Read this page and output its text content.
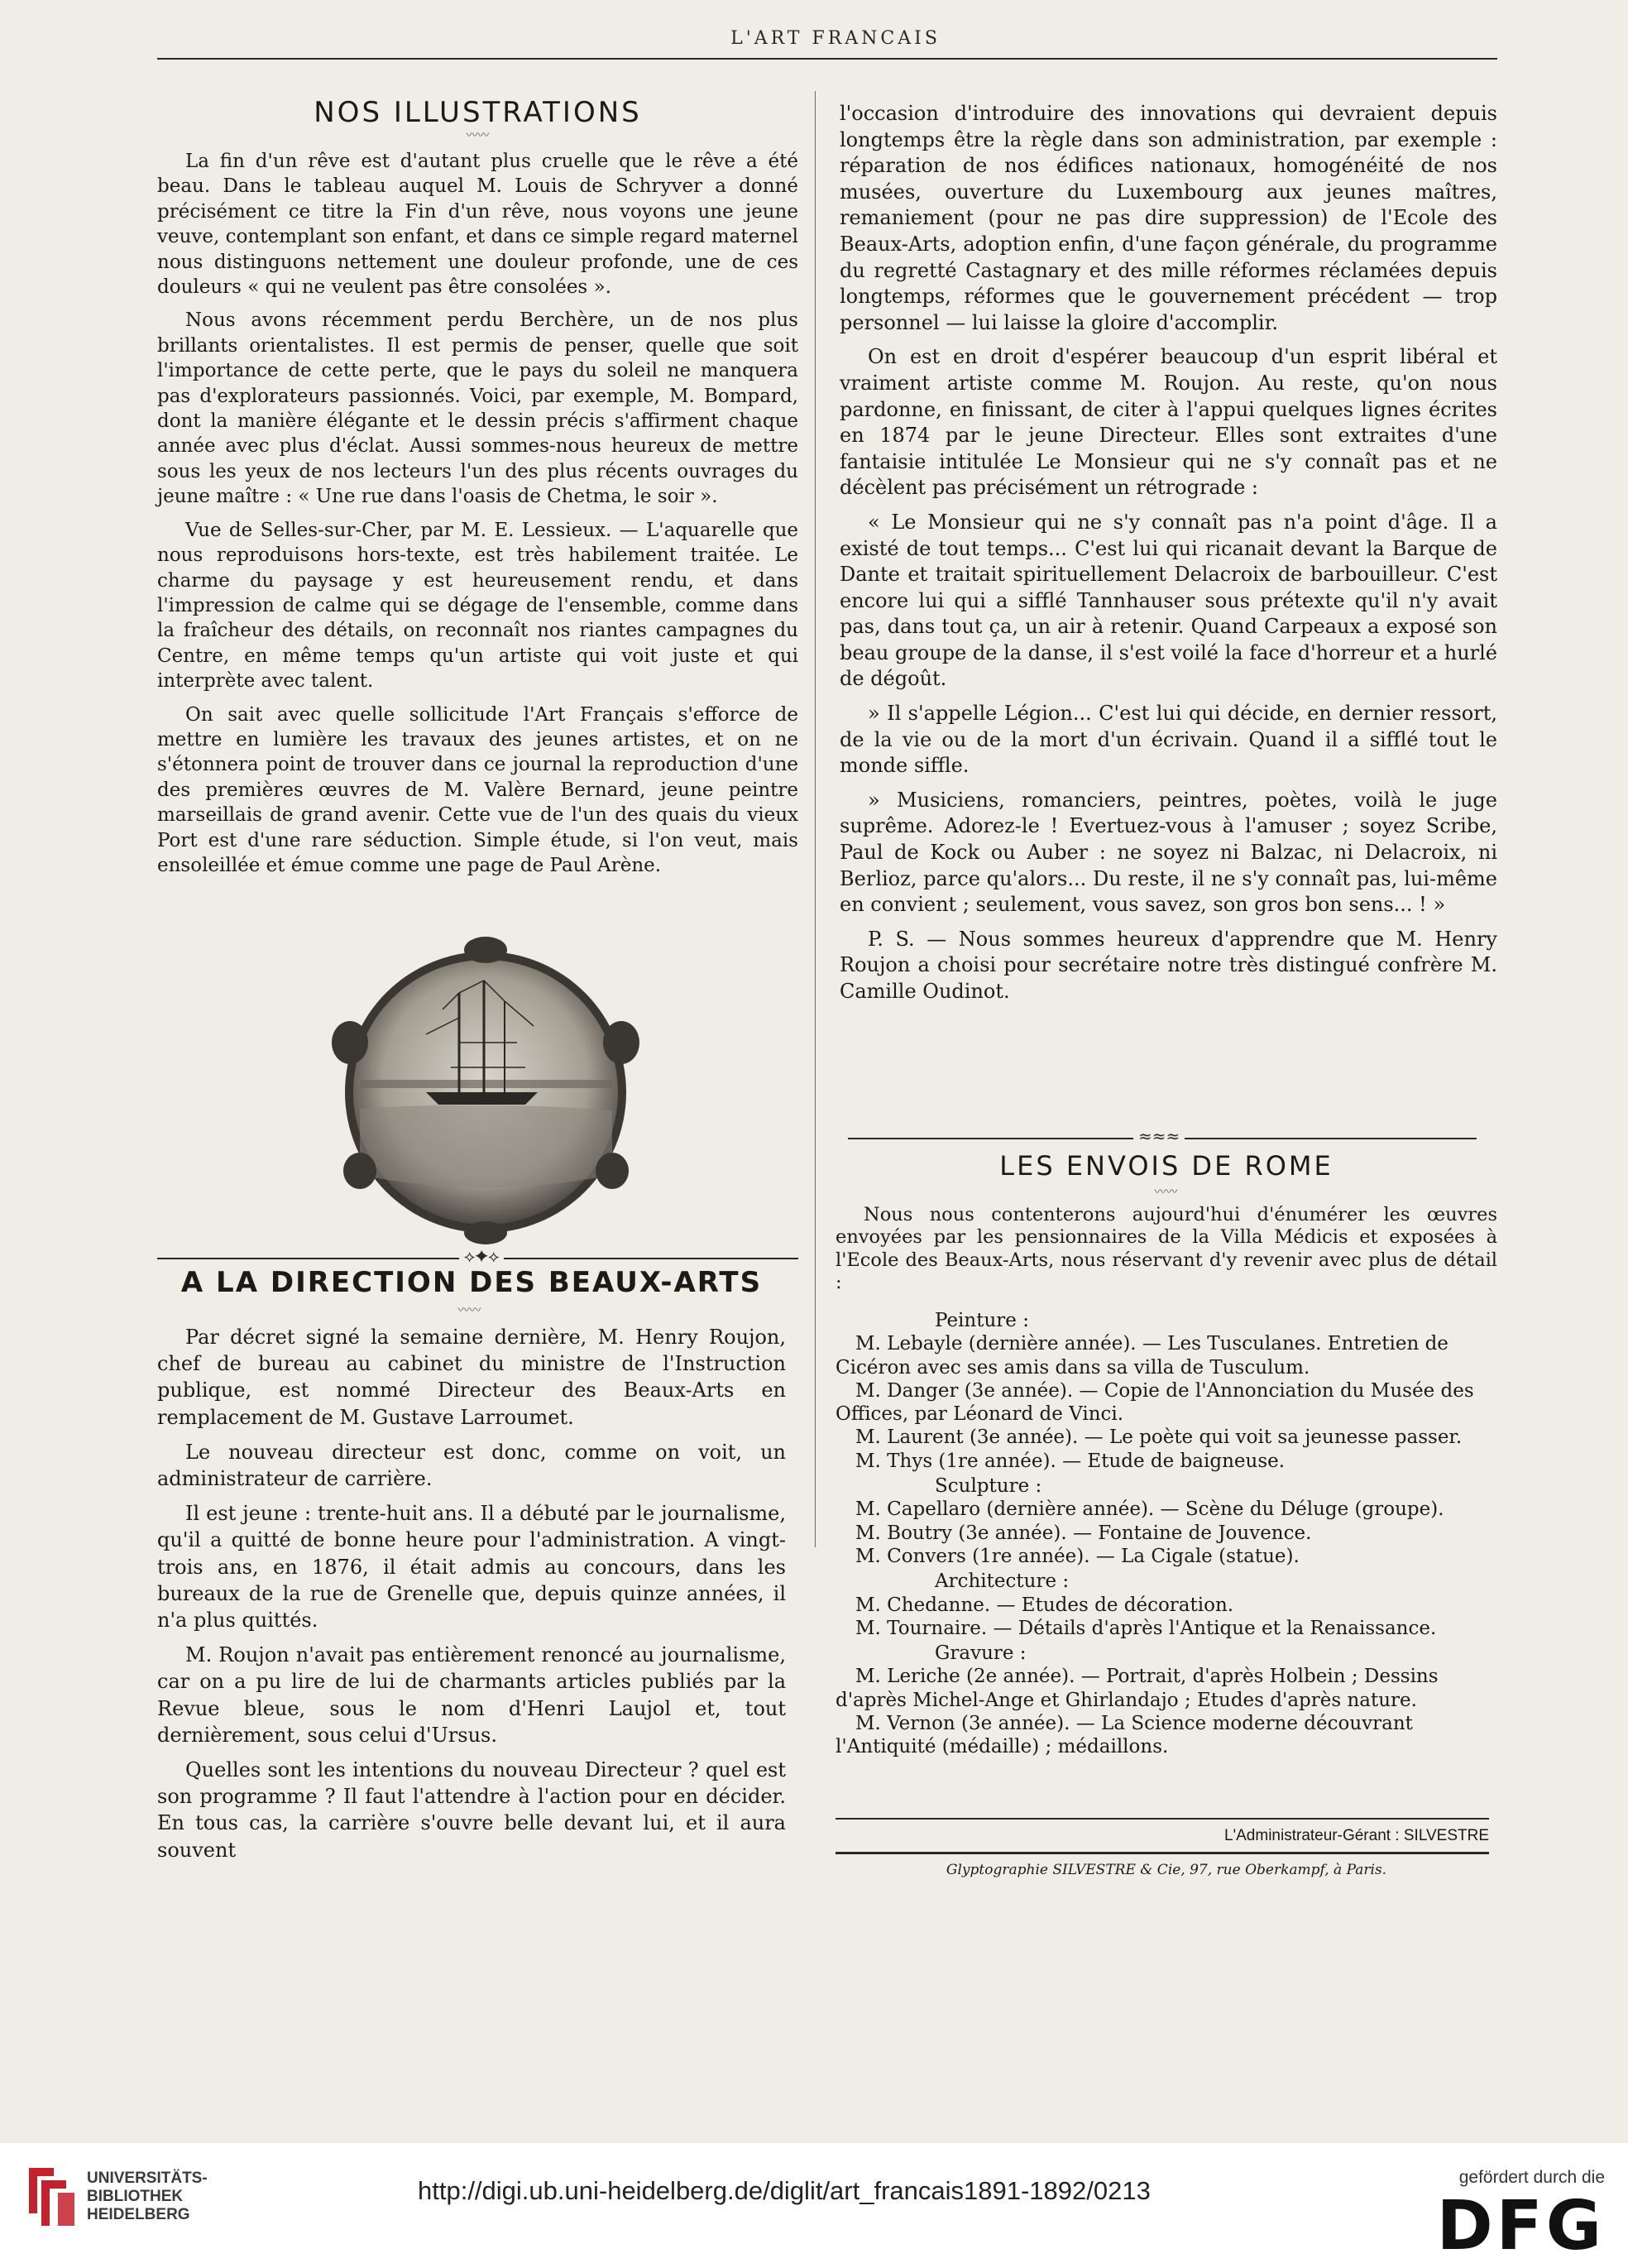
L'ART FRANCAIS
NOS ILLUSTRATIONS
〰〰

La fin d'un rêve est d'autant plus cruelle que le rêve a été beau. Dans le tableau auquel M. Louis de Schryver a donné précisément ce titre la Fin d'un rêve, nous voyons une jeune veuve, contemplant son enfant, et dans ce simple regard maternel nous distinguons nettement une douleur profonde, une de ces douleurs « qui ne veulent pas être consolées ».

Nous avons récemment perdu Berchère, un de nos plus brillants orientalistes. Il est permis de penser, quelle que soit l'importance de cette perte, que le pays du soleil ne manquera pas d'explorateurs passionnés. Voici, par exemple, M. Bompard, dont la manière élégante et le dessin précis s'affirment chaque année avec plus d'éclat. Aussi sommes-nous heureux de mettre sous les yeux de nos lecteurs l'un des plus récents ouvrages du jeune maître : « Une rue dans l'oasis de Chetma, le soir ».

Vue de Selles-sur-Cher, par M. E. Lessieux. — L'aquarelle que nous reproduisons hors-texte, est très habilement traitée. Le charme du paysage y est heureusement rendu, et dans l'impression de calme qui se dégage de l'ensemble, comme dans la fraîcheur des détails, on reconnaît nos riantes campagnes du Centre, en même temps qu'un artiste qui voit juste et qui interprète avec talent.

On sait avec quelle sollicitude l'Art Français s'efforce de mettre en lumière les travaux des jeunes artistes, et on ne s'étonnera point de trouver dans ce journal la reproduction d'une des premières œuvres de M. Valère Bernard, jeune peintre marseillais de grand avenir. Cette vue de l'un des quais du vieux Port est d'une rare séduction. Simple étude, si l'on veut, mais ensoleillée et émue comme une page de Paul Arène.

⟡✦⟡
A LA DIRECTION DES BEAUX-ARTS
〰〰

Par décret signé la semaine dernière, M. Henry Roujon, chef de bureau au cabinet du ministre de l'Instruction publique, est nommé Directeur des Beaux-Arts en remplacement de M. Gustave Larroumet.

Le nouveau directeur est donc, comme on voit, un administrateur de carrière.

Il est jeune : trente-huit ans. Il a débuté par le journalisme, qu'il a quitté de bonne heure pour l'administration. A vingt-trois ans, en 1876, il était admis au concours, dans les bureaux de la rue de Grenelle que, depuis quinze années, il n'a plus quittés.

M. Roujon n'avait pas entièrement renoncé au journalisme, car on a pu lire de lui de charmants articles publiés par la Revue bleue, sous le nom d'Henri Laujol et, tout dernièrement, sous celui d'Ursus.

Quelles sont les intentions du nouveau Directeur ? quel est son programme ? Il faut l'attendre à l'action pour en décider. En tous cas, la carrière s'ouvre belle devant lui, et il aura souvent

l'occasion d'introduire des innovations qui devraient depuis longtemps être la règle dans son administration, par exemple : réparation de nos édifices nationaux, homogénéité de nos musées, ouverture du Luxembourg aux jeunes maîtres, remaniement (pour ne pas dire suppression) de l'Ecole des Beaux-Arts, adoption enfin, d'une façon générale, du programme du regretté Castagnary et des mille réformes réclamées depuis longtemps, réformes que le gouvernement précédent — trop personnel — lui laisse la gloire d'accomplir.

On est en droit d'espérer beaucoup d'un esprit libéral et vraiment artiste comme M. Roujon. Au reste, qu'on nous pardonne, en finissant, de citer à l'appui quelques lignes écrites en 1874 par le jeune Directeur. Elles sont extraites d'une fantaisie intitulée Le Monsieur qui ne s'y connaît pas et ne décèlent pas précisément un rétrograde :

« Le Monsieur qui ne s'y connaît pas n'a point d'âge. Il a existé de tout temps... C'est lui qui ricanait devant la Barque de Dante et traitait spirituellement Delacroix de barbouilleur. C'est encore lui qui a sifflé Tannhauser sous prétexte qu'il n'y avait pas, dans tout ça, un air à retenir. Quand Carpeaux a exposé son beau groupe de la danse, il s'est voilé la face d'horreur et a hurlé de dégoût.

» Il s'appelle Légion... C'est lui qui décide, en dernier ressort, de la vie ou de la mort d'un écrivain. Quand il a sifflé tout le monde siffle.

» Musiciens, romanciers, peintres, poètes, voilà le juge suprême. Adorez-le ! Evertuez-vous à l'amuser ; soyez Scribe, Paul de Kock ou Auber : ne soyez ni Balzac, ni Delacroix, ni Berlioz, parce qu'alors... Du reste, il ne s'y connaît pas, lui-même en convient ; seulement, vous savez, son gros bon sens... ! »

P. S. — Nous sommes heureux d'apprendre que M. Henry Roujon a choisi pour secrétaire notre très distingué confrère M. Camille Oudinot.

≈≈≈
LES ENVOIS DE ROME
〰〰

Nous nous contenterons aujourd'hui d'énumérer les œuvres envoyées par les pensionnaires de la Villa Médicis et exposées à l'Ecole des Beaux-Arts, nous réservant d'y revenir avec plus de détail :

Peinture :
M. Lebayle (dernière année). — Les Tusculanes. Entretien de Cicéron avec ses amis dans sa villa de Tusculum.
M. Danger (3e année). — Copie de l'Annonciation du Musée des Offices, par Léonard de Vinci.
M. Laurent (3e année). — Le poète qui voit sa jeunesse passer.
M. Thys (1re année). — Etude de baigneuse.
Sculpture :
M. Capellaro (dernière année). — Scène du Déluge (groupe).
M. Boutry (3e année). — Fontaine de Jouvence.
M. Convers (1re année). — La Cigale (statue).
Architecture :
M. Chedanne. — Etudes de décoration.
M. Tournaire. — Détails d'après l'Antique et la Renaissance.
Gravure :
M. Leriche (2e année). — Portrait, d'après Holbein ; Dessins d'après Michel-Ange et Ghirlandajo ; Etudes d'après nature.
M. Vernon (3e année). — La Science moderne découvrant l'Antiquité (médaille) ; médaillons.
L'Administrateur-Gérant : SILVESTRE
Glyptographie SILVESTRE & Cie, 97, rue Oberkampf, à Paris.
UNIVERSITÄTS-
BIBLIOTHEK
HEIDELBERG
http://digi.ub.uni-heidelberg.de/diglit/art_francais1891-1892/0213	gefördert durch die
DFG
